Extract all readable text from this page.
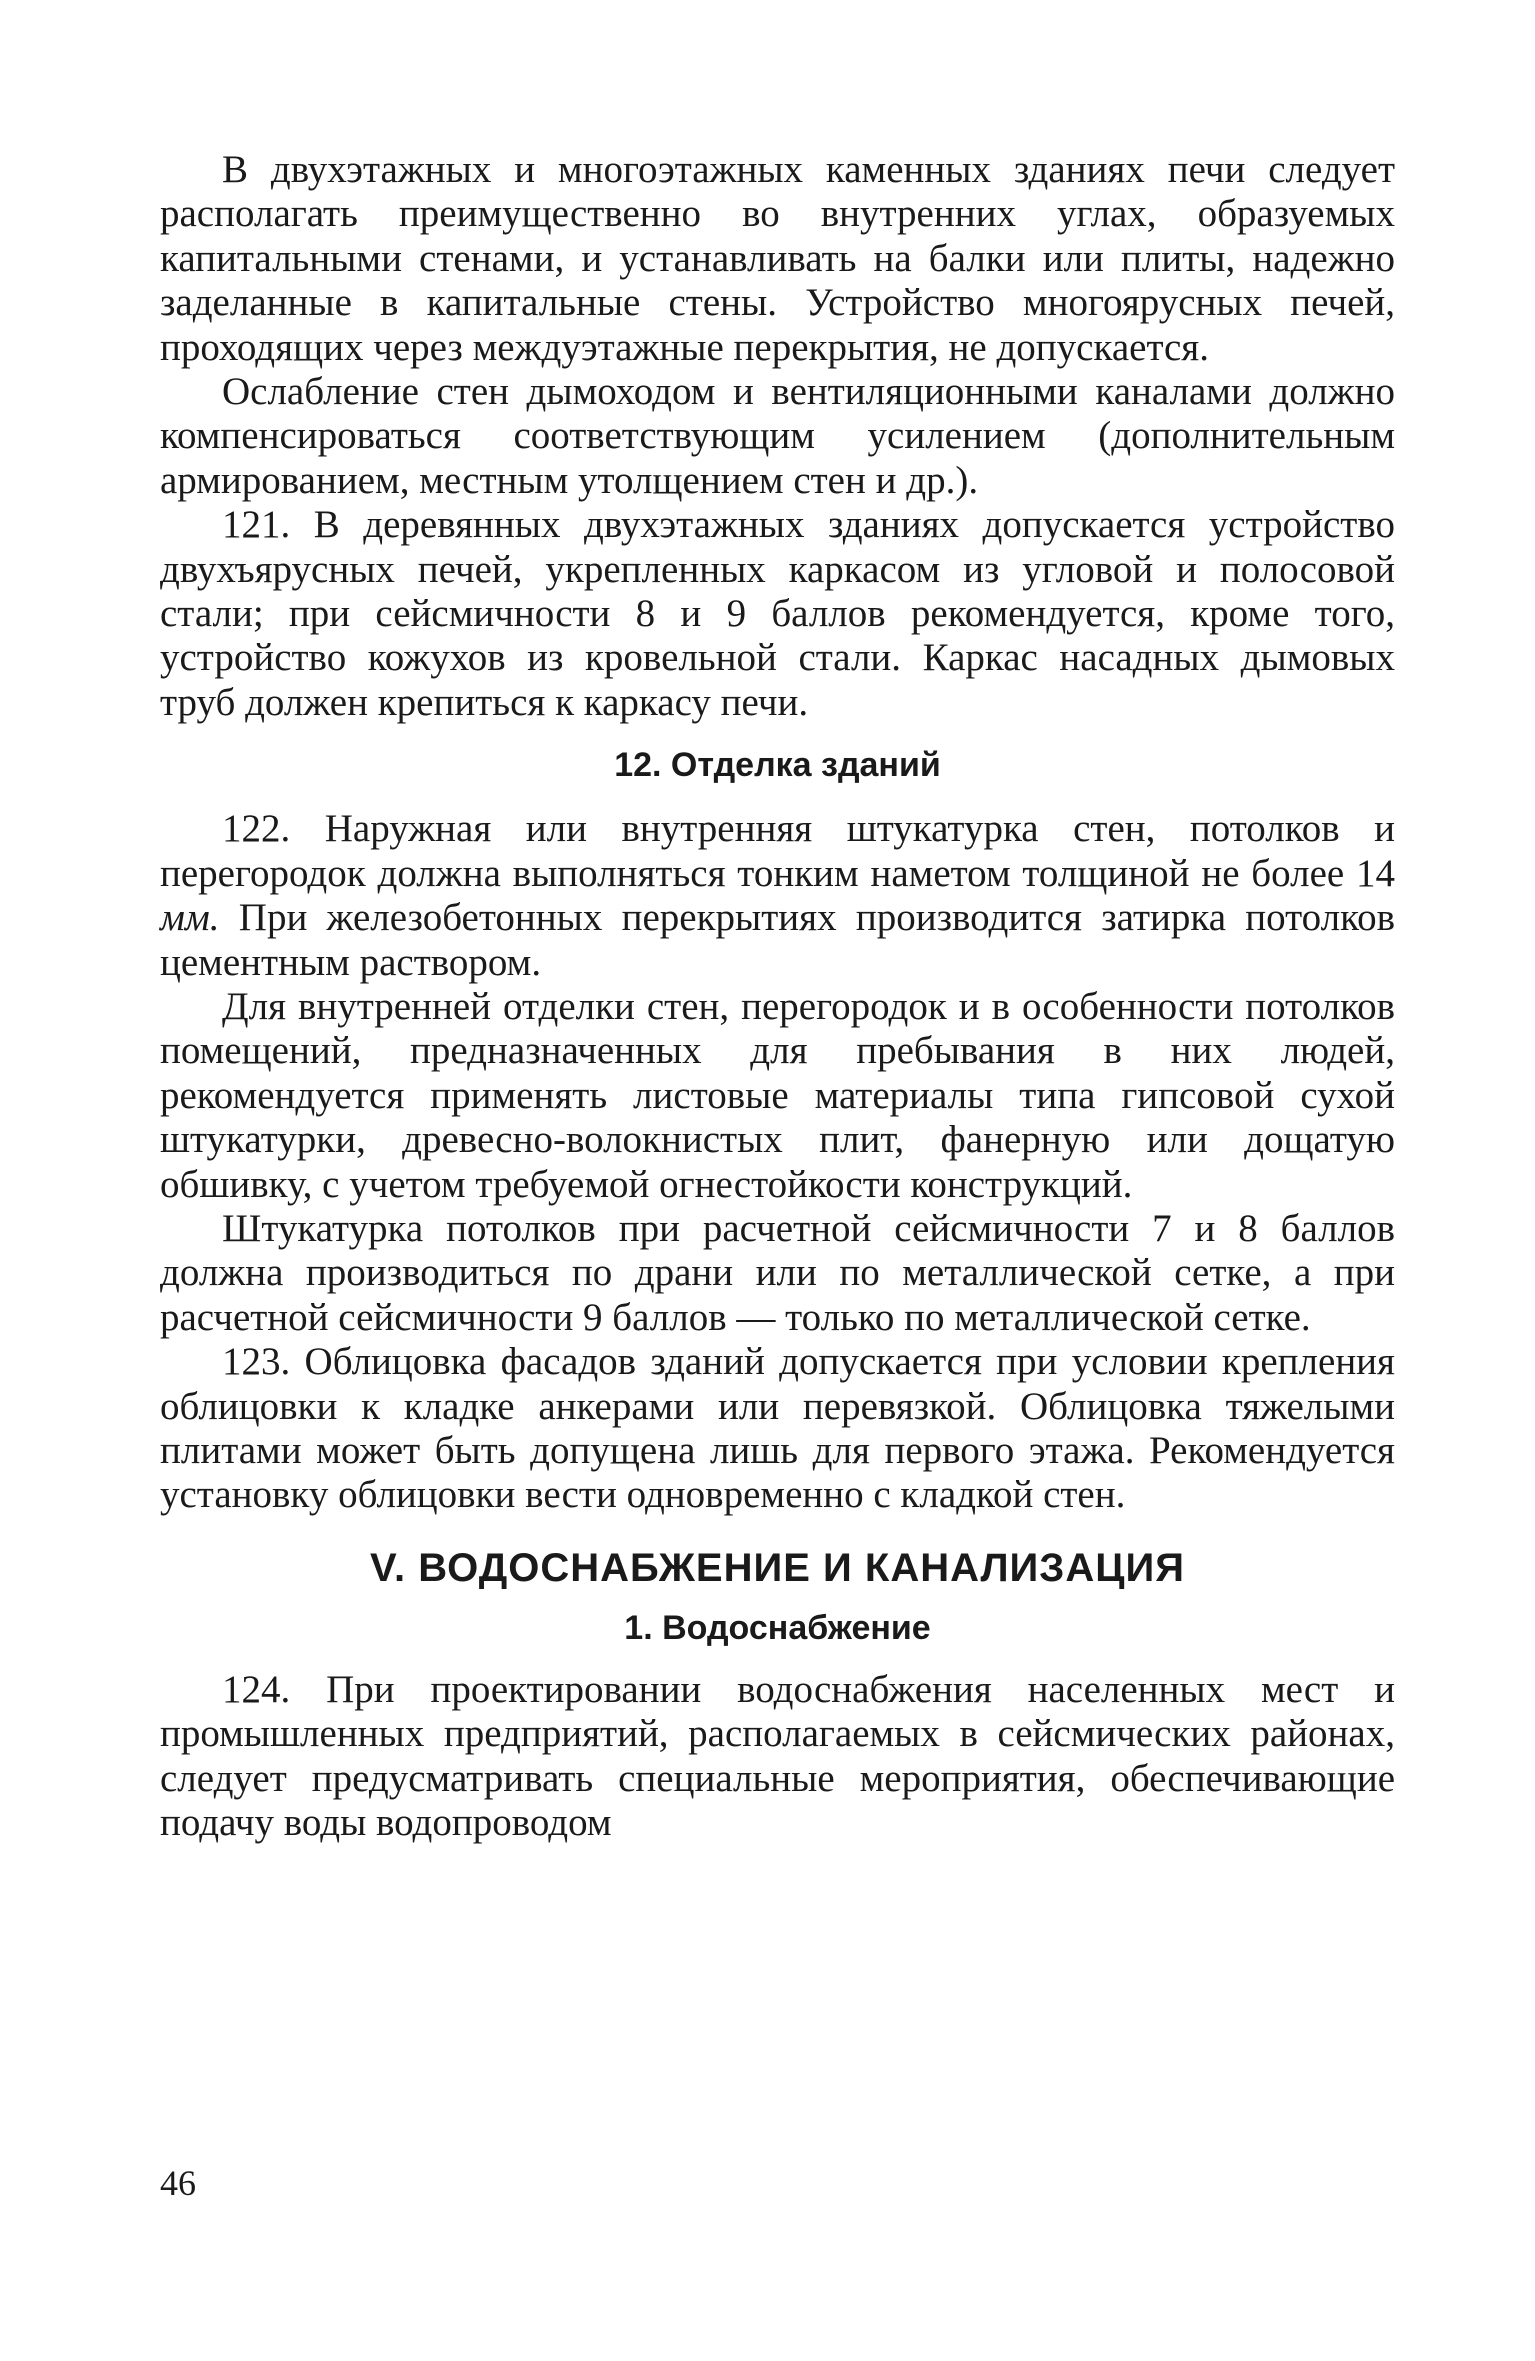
В двухэтажных и многоэтажных каменных зданиях печи следует располагать преимущественно во внутренних углах, образуемых капитальными стенами, и устанавливать на балки или плиты, надежно заделанные в капитальные стены. Устройство многоярусных печей, проходящих через междуэтажные перекрытия, не допускается.

Ослабление стен дымоходом и вентиляционными каналами должно компенсироваться соответствующим усилением (дополнительным армированием, местным утолщением стен и др.).

121. В деревянных двухэтажных зданиях допускается устройство двухъярусных печей, укрепленных каркасом из угловой и полосовой стали; при сейсмичности 8 и 9 баллов рекомендуется, кроме того, устройство кожухов из кровельной стали. Каркас насадных дымовых труб должен крепиться к каркасу печи.

12. Отделка зданий

122. Наружная или внутренняя штукатурка стен, потолков и перегородок должна выполняться тонким наметом толщиной не более 14 мм. При железобетонных перекрытиях производится затирка потолков цементным раствором.

Для внутренней отделки стен, перегородок и в особенности потолков помещений, предназначенных для пребывания в них людей, рекомендуется применять листовые материалы типа гипсовой сухой штукатурки, древесно-волокнистых плит, фанерную или дощатую обшивку, с учетом требуемой огнестойкости конструкций.

Штукатурка потолков при расчетной сейсмичности 7 и 8 баллов должна производиться по драни или по металлической сетке, а при расчетной сейсмичности 9 баллов — только по металлической сетке.

123. Облицовка фасадов зданий допускается при условии крепления облицовки к кладке анкерами или перевязкой. Облицовка тяжелыми плитами может быть допущена лишь для первого этажа. Рекомендуется установку облицовки вести одновременно с кладкой стен.

V. ВОДОСНАБЖЕНИЕ И КАНАЛИЗАЦИЯ
1. Водоснабжение

124. При проектировании водоснабжения населенных мест и промышленных предприятий, располагаемых в сейсмических районах, следует предусматривать специальные мероприятия, обеспечивающие подачу воды водопроводом

46
